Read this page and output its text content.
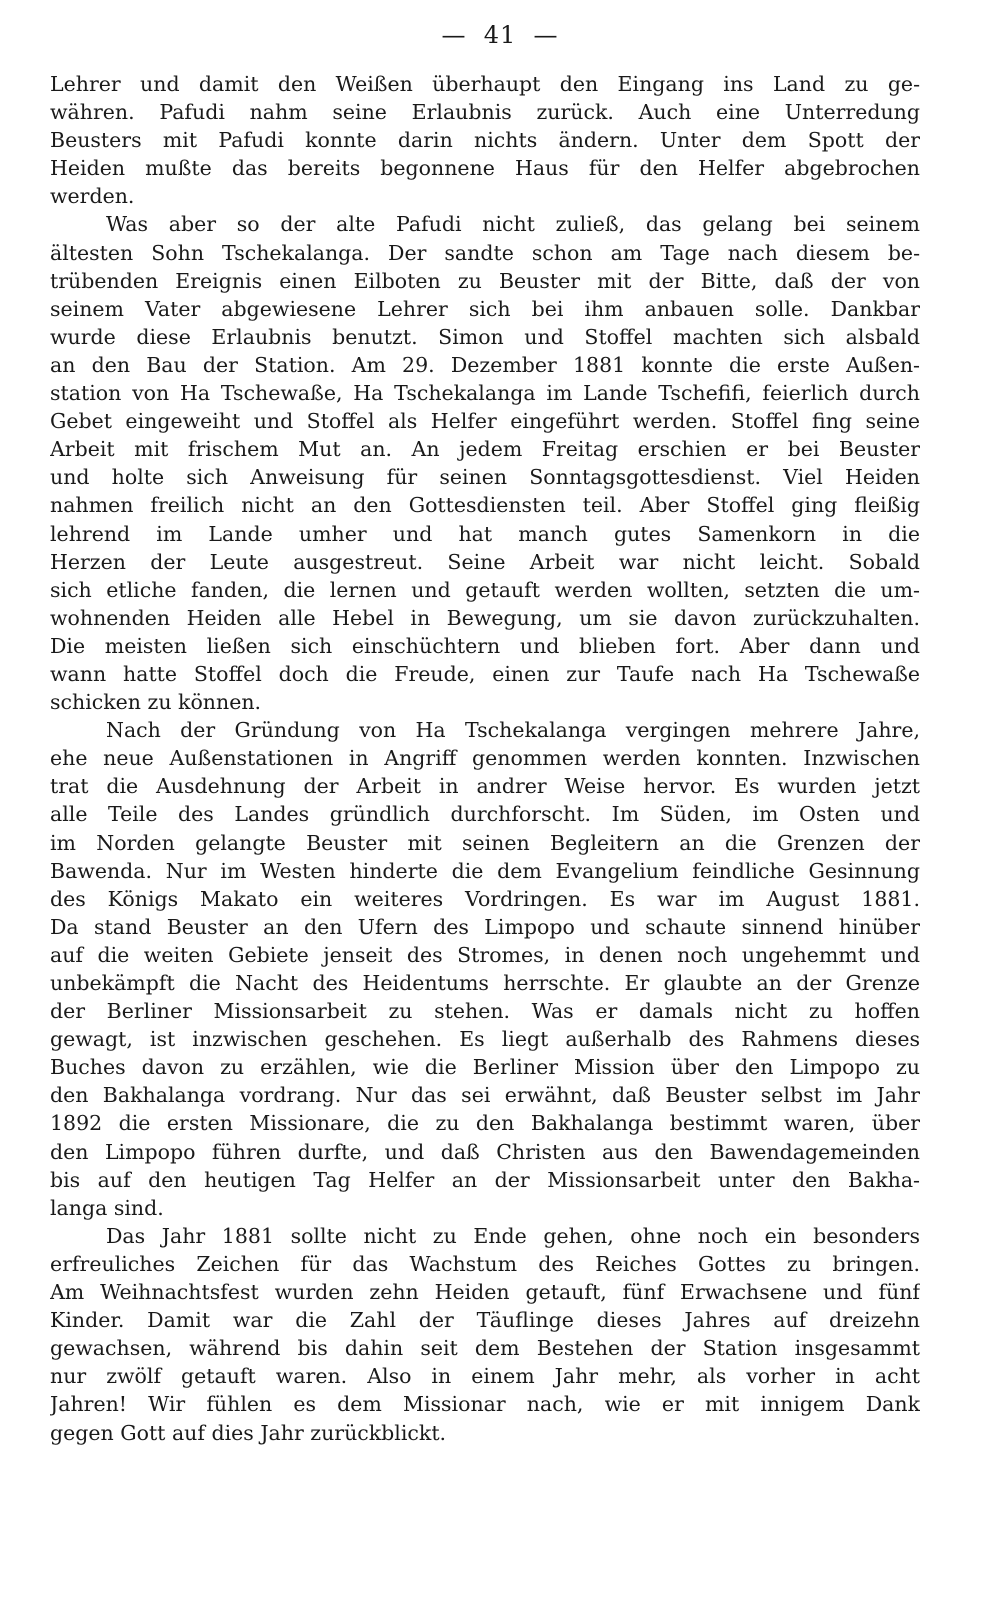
—  41  —
Lehrer und damit den Weißen überhaupt den Eingang ins Land zu ge-
währen. Pafudi nahm seine Erlaubnis zurück. Auch eine Unterredung
Beusters mit Pafudi konnte darin nichts ändern. Unter dem Spott der
Heiden mußte das bereits begonnene Haus für den Helfer abgebrochen
werden.
Was aber so der alte Pafudi nicht zuließ, das gelang bei seinem
ältesten Sohn Tschekalanga. Der sandte schon am Tage nach diesem be-
trübenden Ereignis einen Eilboten zu Beuster mit der Bitte, daß der von
seinem Vater abgewiesene Lehrer sich bei ihm anbauen solle. Dankbar
wurde diese Erlaubnis benutzt. Simon und Stoffel machten sich alsbald
an den Bau der Station. Am 29. Dezember 1881 konnte die erste Außen-
station von Ha Tschewaße, Ha Tschekalanga im Lande Tschefifi, feierlich durch
Gebet eingeweiht und Stoffel als Helfer eingeführt werden. Stoffel fing seine
Arbeit mit frischem Mut an. An jedem Freitag erschien er bei Beuster
und holte sich Anweisung für seinen Sonntagsgottesdienst. Viel Heiden
nahmen freilich nicht an den Gottesdiensten teil. Aber Stoffel ging fleißig
lehrend im Lande umher und hat manch gutes Samenkorn in die
Herzen der Leute ausgestreut. Seine Arbeit war nicht leicht. Sobald
sich etliche fanden, die lernen und getauft werden wollten, setzten die um-
wohnenden Heiden alle Hebel in Bewegung, um sie davon zurückzuhalten.
Die meisten ließen sich einschüchtern und blieben fort. Aber dann und
wann hatte Stoffel doch die Freude, einen zur Taufe nach Ha Tschewaße
schicken zu können.
Nach der Gründung von Ha Tschekalanga vergingen mehrere Jahre,
ehe neue Außenstationen in Angriff genommen werden konnten. Inzwischen
trat die Ausdehnung der Arbeit in andrer Weise hervor. Es wurden jetzt
alle Teile des Landes gründlich durchforscht. Im Süden, im Osten und
im Norden gelangte Beuster mit seinen Begleitern an die Grenzen der
Bawenda. Nur im Westen hinderte die dem Evangelium feindliche Gesinnung
des Königs Makato ein weiteres Vordringen. Es war im August 1881.
Da stand Beuster an den Ufern des Limpopo und schaute sinnend hinüber
auf die weiten Gebiete jenseit des Stromes, in denen noch ungehemmt und
unbekämpft die Nacht des Heidentums herrschte. Er glaubte an der Grenze
der Berliner Missionsarbeit zu stehen. Was er damals nicht zu hoffen
gewagt, ist inzwischen geschehen. Es liegt außerhalb des Rahmens dieses
Buches davon zu erzählen, wie die Berliner Mission über den Limpopo zu
den Bakhalanga vordrang. Nur das sei erwähnt, daß Beuster selbst im Jahr
1892 die ersten Missionare, die zu den Bakhalanga bestimmt waren, über
den Limpopo führen durfte, und daß Christen aus den Bawendagemeinden
bis auf den heutigen Tag Helfer an der Missionsarbeit unter den Bakha-
langa sind.
Das Jahr 1881 sollte nicht zu Ende gehen, ohne noch ein besonders
erfreuliches Zeichen für das Wachstum des Reiches Gottes zu bringen.
Am Weihnachtsfest wurden zehn Heiden getauft, fünf Erwachsene und fünf
Kinder. Damit war die Zahl der Täuflinge dieses Jahres auf dreizehn
gewachsen, während bis dahin seit dem Bestehen der Station insgesammt
nur zwölf getauft waren. Also in einem Jahr mehr, als vorher in acht
Jahren! Wir fühlen es dem Missionar nach, wie er mit innigem Dank
gegen Gott auf dies Jahr zurückblickt.
